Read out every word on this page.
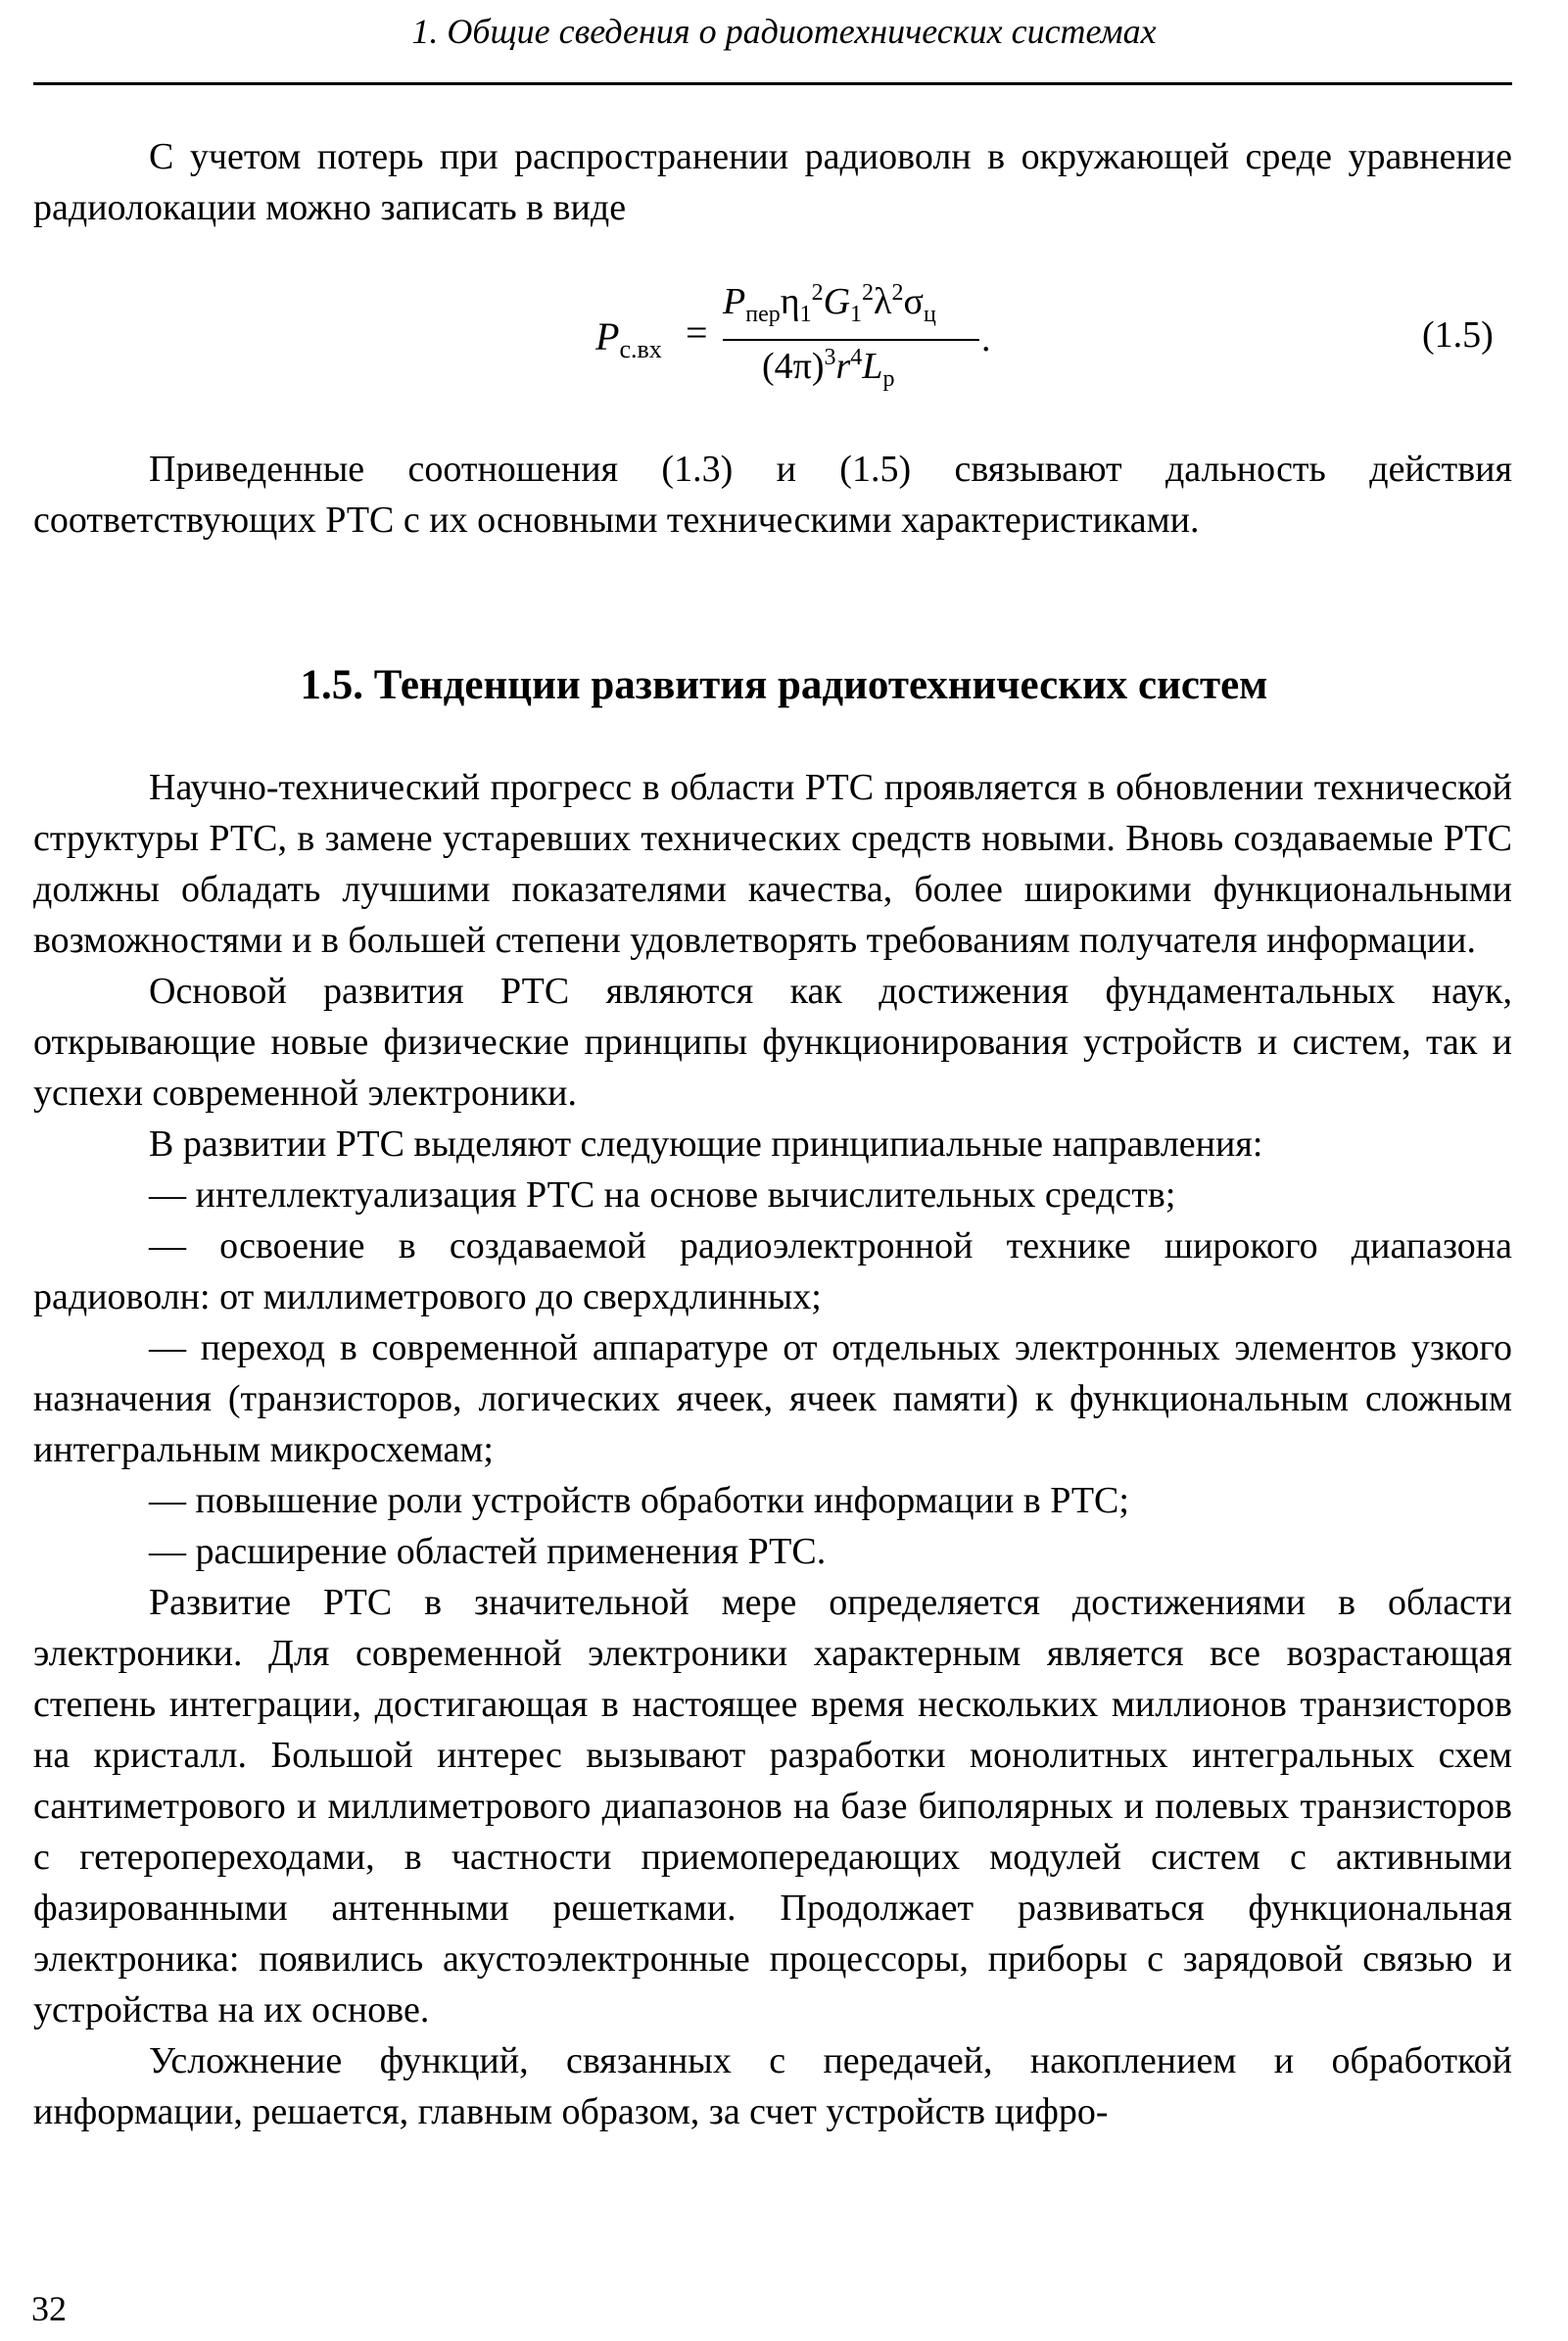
1. Общие сведения о радиотехнических системах

С учетом потерь при распространении радиоволн в окружающей среде уравнение радиолокации можно записать в виде

$P_{с.вх}$ =
$P_{пер}\eta_1^2G_1^2\lambda^2\sigma_ц$
$(4\pi)^3r^4L_р$
.	(1.5)

Приведенные соотношения (1.3) и (1.5) связывают дальность действия соответствующих РТС с их основными техническими характеристиками.

1.5. Тенденции развития радиотехнических систем

Научно-технический прогресс в области РТС проявляется в обновлении технической структуры РТС, в замене устаревших технических средств новыми. Вновь создаваемые РТС должны обладать лучшими показателями качества, более широкими функциональными возможностями и в большей степени удовлетворять требованиям получателя информации.

Основой развития РТС являются как достижения фундаментальных наук, открывающие новые физические принципы функционирования устройств и систем, так и успехи современной электроники.

В развитии РТС выделяют следующие принципиальные направления:

— интеллектуализация РТС на основе вычислительных средств;

— освоение в создаваемой радиоэлектронной технике широкого диапазона радиоволн: от миллиметрового до сверхдлинных;

— переход в современной аппаратуре от отдельных электронных элементов узкого назначения (транзисторов, логических ячеек, ячеек памяти) к функциональным сложным интегральным микросхемам;

— повышение роли устройств обработки информации в РТС;

— расширение областей применения РТС.

Развитие РТС в значительной мере определяется достижениями в области электроники. Для современной электроники характерным является все возрастающая степень интеграции, достигающая в настоящее время нескольких миллионов транзисторов на кристалл. Большой интерес вызывают разработки монолитных интегральных схем сантиметрового и миллиметрового диапазонов на базе биполярных и полевых транзисторов с гетеропереходами, в частности приемопередающих модулей систем с активными фазированными антенными решетками. Продолжает развиваться функциональная электроника: появились акустоэлектронные процессоры, приборы с зарядовой связью и устройства на их основе.

Усложнение функций, связанных с передачей, накоплением и обработкой информации, решается, главным образом, за счет устройств цифро-

32
